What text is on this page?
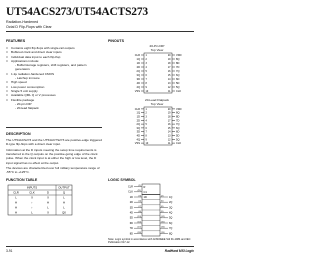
UT54ACS273/UT54ACTS273
Radiation-Hardened
Octal D Flip-Flops with Clear
FEATURES
□ Contains eight flip-flops with single-rail outputs
□ Buffered clock and direct clear inputs
□ Individual data input to each flip-flop
□ Applications include:
- Buffer/storage registers, shift registers, and pattern
generators
□ 1.2µ radiation-hardened CMOS
- Latchup immune
□ High speed
□ Low power consumption
□ Single 5 volt supply
□ Available QML Q or V processes
□ Flexible package
- 20-pin DIP
- 20-lead flatpack
PINOUTS
20-Pin DIP
Top View
CLR 1
1Q 2
1D 3
2D 4
2Q 5
3Q 6
3D 7
4D 8
4Q 9
VSS 10
VDD
20
8Q
19
8D
18
7D
17
7Q
16
6Q
15
6D
14
5D
13
5Q
12
CLK
11
20-Lead Flatpack
Top View
CLR 1
1Q 2
1D 3
2D 4
2Q 5
3Q 6
3D 7
4D 8
4Q 9
VSS 10
VDD
20
8Q
19
8D
18
7D
17
7Q
16
6Q
15
6D
14
5D
13
5Q
12
CLK
11
DESCRIPTION

The UT54ACS273 and the UT54ACTS273 are positive-edge triggered D-type flip-flops with a direct clear input.

Information at the D inputs meeting the setup time requirements is transferred to the Q outputs on the positive-going edge of the clock pulse. When the clock input is at either the high or low level, the D input signal has no effect at the output.

The devices are characterized over full military temperature range of -55°C to +125°C.

FUNCTION TABLE
INPUTS	OUTPUT
CLR	CLK	D	Q
L	X	X	L
H	↑	H	H
H	↑	L	L
H	L	X	Q0
LOGIC SYMBOL
R
C1
CLR	(1)
CLK (11)
1D	(3)
2D	(4)
3D	(7)
4D	(8)
5D (13)
6D (14)
7D (17)
8D (18)
1D	(2) 1Q
(5) 2Q
(6) 3Q
(9) 4Q
(12) 5Q
(15) 6Q
(16) 7Q
(19) 8Q
Note: Logic symbol in accordance with ANSI/IEEE Std 91-1984 and IEC Publication 617-12.
3-91	RadHard MSI Logic
